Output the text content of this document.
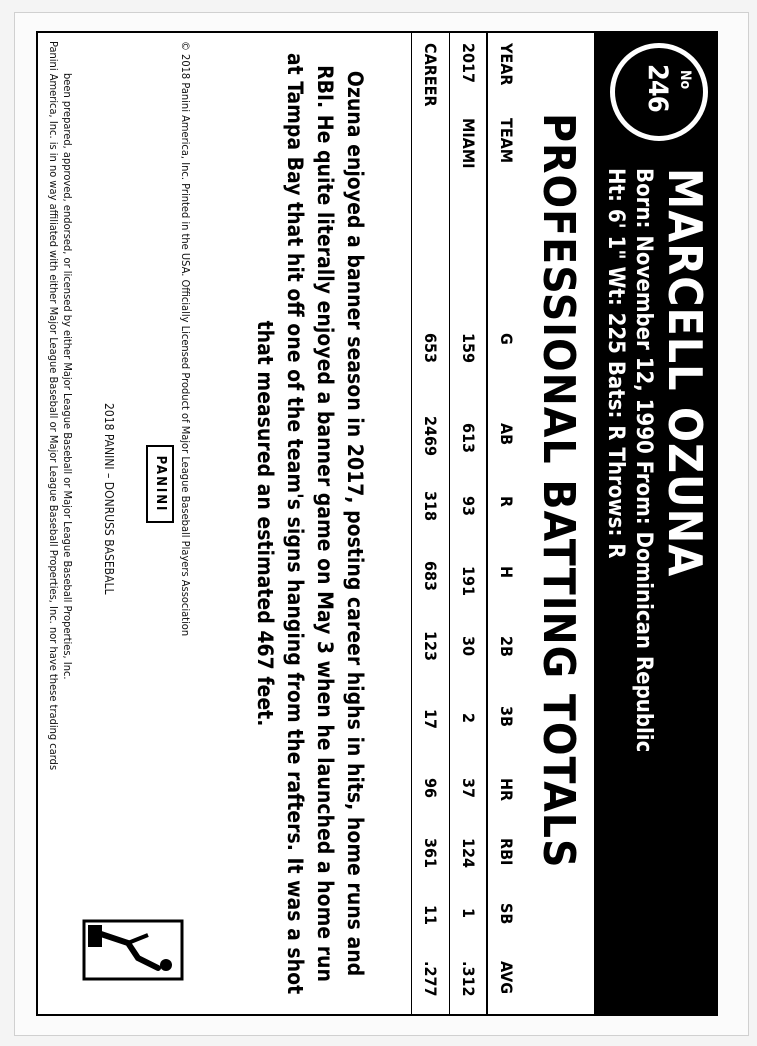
No
246
MARCELL OZUNA
Born: November 12, 1990 From: Dominican Republic
Ht: 6' 1" Wt: 225 Bats: R Throws: R
PROFESSIONAL BATTING TOTALS
YEAR
TEAM
G
AB
R
H
2B
3B
HR
RBI
SB
AVG
2017
MIAMI
159
613
93
191
30
2
37
124
1
.312
CAREER
653
2469
318
683
123
17
96
361
11
.277
Ozuna enjoyed a banner season in 2017, posting career highs in hits, home runs and
RBI. He quite literally enjoyed a banner game on May 3 when he launched a home run
at Tampa Bay that hit off one of the team's signs hanging from the rafters. It was a shot
that measured an estimated 467 feet.
Panini America, Inc. is in no way affiliated with either Major League Baseball or Major League Baseball Properties, Inc. nor have these trading cards been prepared, approved, endorsed, or licensed by either Major League Baseball or Major League Baseball Properties, Inc.	© 2018 Panini America, Inc. Printed in the USA. Officially Licensed Product of Major League Baseball Players Association
PANINI
2018 PANINI – DONRUSS BASEBALL
